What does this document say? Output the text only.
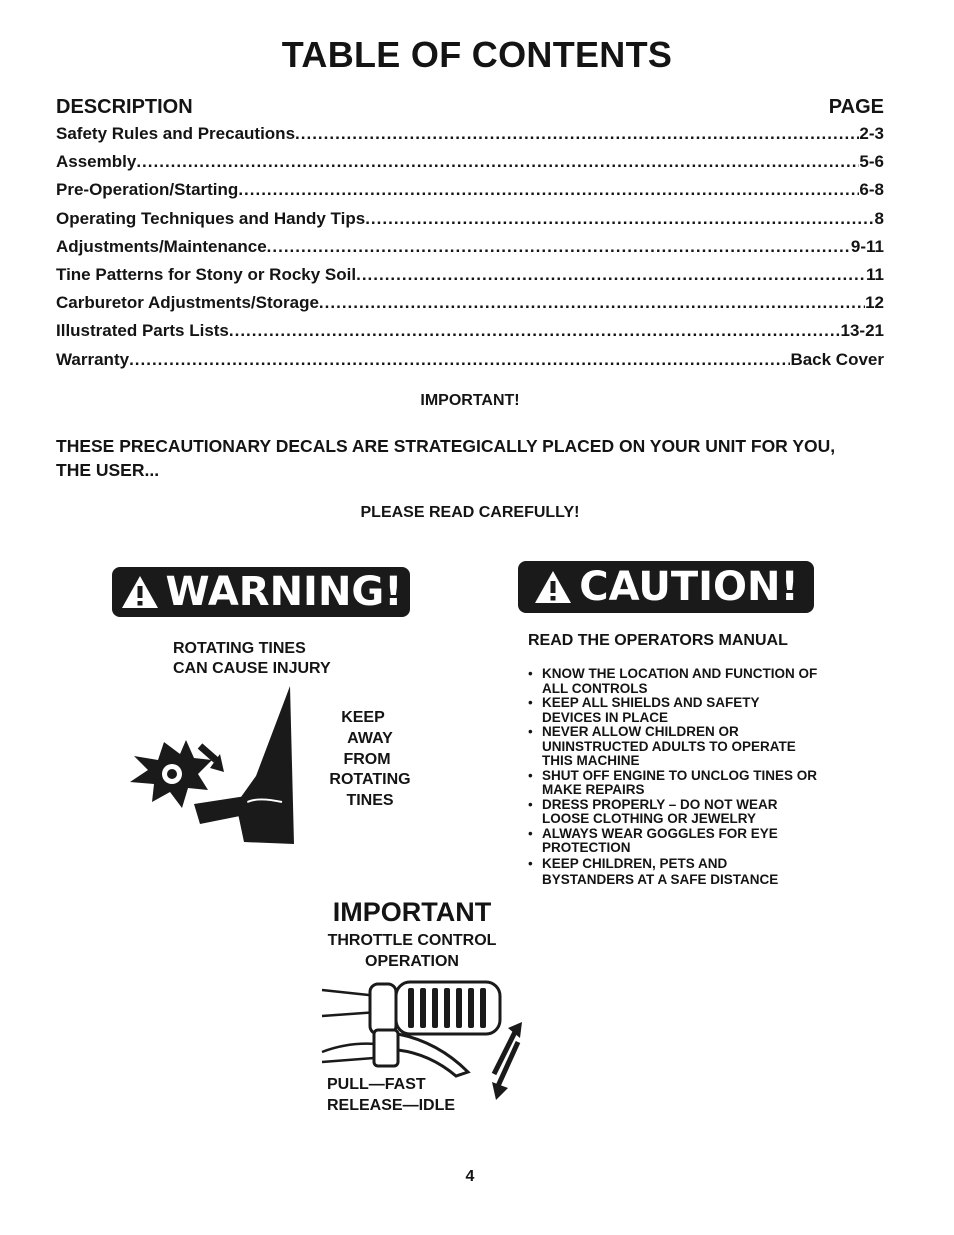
TABLE OF CONTENTS
DESCRIPTION	PAGE
Safety Rules and Precautions .....	2-3
Assembly .....	5-6
Pre-Operation/Starting .....	6-8
Operating Techniques and Handy Tips .....	8
Adjustments/Maintenance .....	9-11
Tine Patterns for Stony or Rocky Soil .....	11
Carburetor Adjustments/Storage .....	12
Illustrated Parts Lists .....	13-21
Warranty .....	Back Cover
IMPORTANT!
THESE PRECAUTIONARY DECALS ARE STRATEGICALLY PLACED ON YOUR UNIT FOR YOU, THE USER...
PLEASE READ CAREFULLY!
WARNING!
ROTATING TINES
CAN CAUSE INJURY
KEEP
AWAY
FROM
ROTATING
TINES
CAUTION!
READ THE OPERATORS MANUAL
• KNOW THE LOCATION AND FUNCTION OF ALL CONTROLS
• KEEP ALL SHIELDS AND SAFETY DEVICES IN PLACE
• NEVER ALLOW CHILDREN OR UNINSTRUCTED ADULTS TO OPERATE THIS MACHINE
• SHUT OFF ENGINE TO UNCLOG TINES OR MAKE REPAIRS
• DRESS PROPERLY – DO NOT WEAR LOOSE CLOTHING OR JEWELRY
• ALWAYS WEAR GOGGLES FOR EYE PROTECTION
• KEEP CHILDREN, PETS AND BYSTANDERS AT A SAFE DISTANCE
IMPORTANT
THROTTLE CONTROL
OPERATION
PULL—FAST
RELEASE—IDLE
4
